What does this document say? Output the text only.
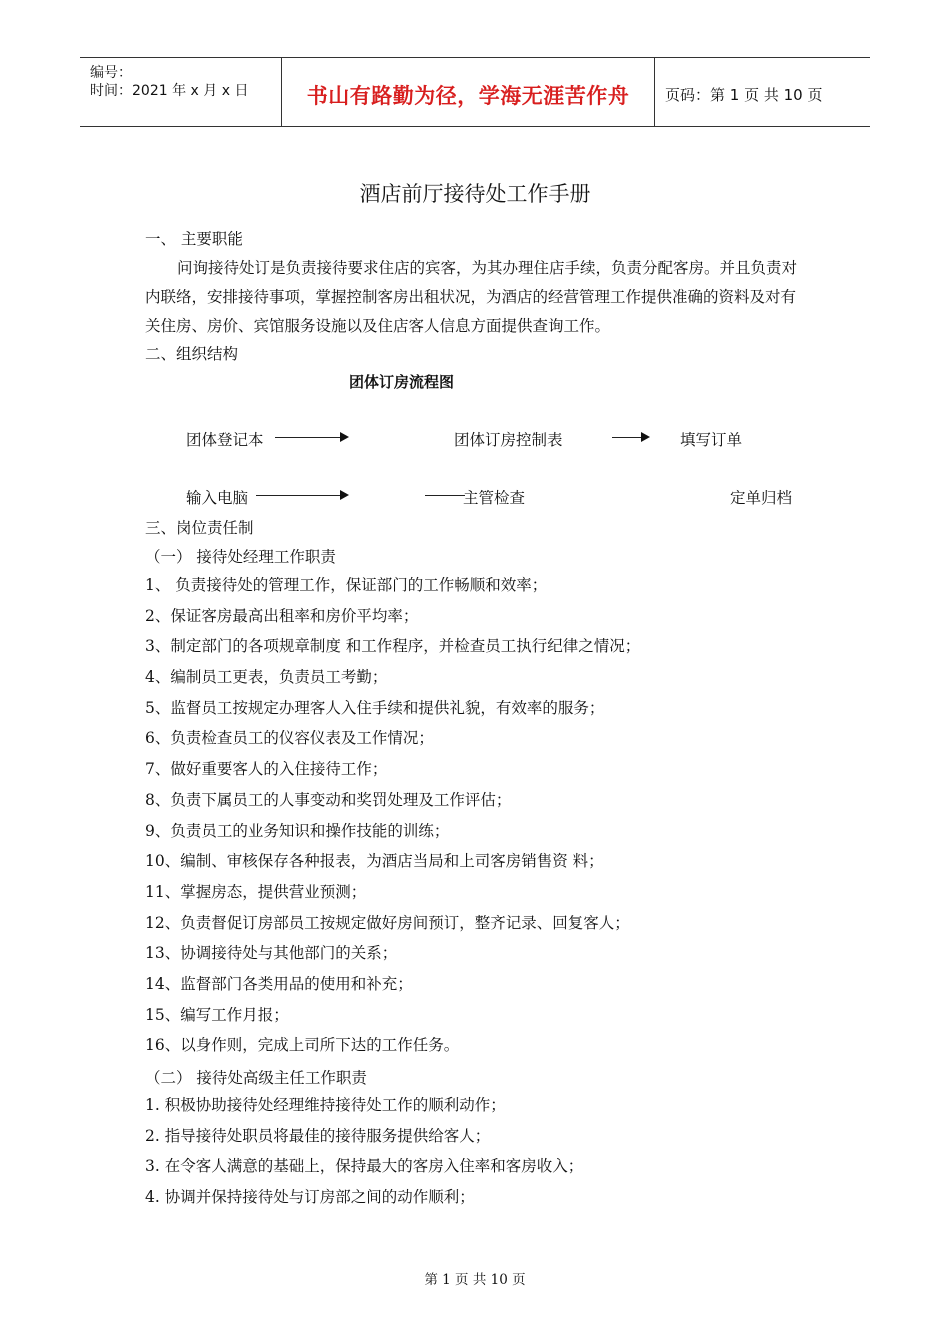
编号：
时间：2021 年 x 月 x 日	书山有路勤为径，学海无涯苦作舟	页码：第 1 页 共 10 页
酒店前厅接待处工作手册
一、 主要职能
问询接待处订是负责接待要求住店的宾客，为其办理住店手续，负责分配客房。并且负责对内联络，安排接待事项，掌握控制客房出租状况，为酒店的经营管理工作提供准确的资料及对有关住房、房价、宾馆服务设施以及住店客人信息方面提供查询工作。
二、组织结构
团体订房流程图
团体登记本	团体订房控制表	填写订单
输入电脑	主管检查	定单归档
三、岗位责任制
（一） 接待处经理工作职责
1、 负责接待处的管理工作，保证部门的工作畅顺和效率；
2、保证客房最高出租率和房价平均率；
3、制定部门的各项规章制度 和工作程序，并检查员工执行纪律之情况；
4、编制员工更表，负责员工考勤；
5、监督员工按规定办理客人入住手续和提供礼貌，有效率的服务；
6、负责检查员工的仪容仪表及工作情况；
7、做好重要客人的入住接待工作；
8、负责下属员工的人事变动和奖罚处理及工作评估；
9、负责员工的业务知识和操作技能的训练；
10、编制、审核保存各种报表，为酒店当局和上司客房销售资 料；
11、掌握房态，提供营业预测；
12、负责督促订房部员工按规定做好房间预订，整齐记录、回复客人；
13、协调接待处与其他部门的关系；
14、监督部门各类用品的使用和补充；
15、编写工作月报；
16、以身作则，完成上司所下达的工作任务。
（二） 接待处高级主任工作职责
1. 积极协助接待处经理维持接待处工作的顺利动作；
2. 指导接待处职员将最佳的接待服务提供给客人；
3. 在令客人满意的基础上，保持最大的客房入住率和客房收入；
4. 协调并保持接待处与订房部之间的动作顺利；
第 1 页 共 10 页
